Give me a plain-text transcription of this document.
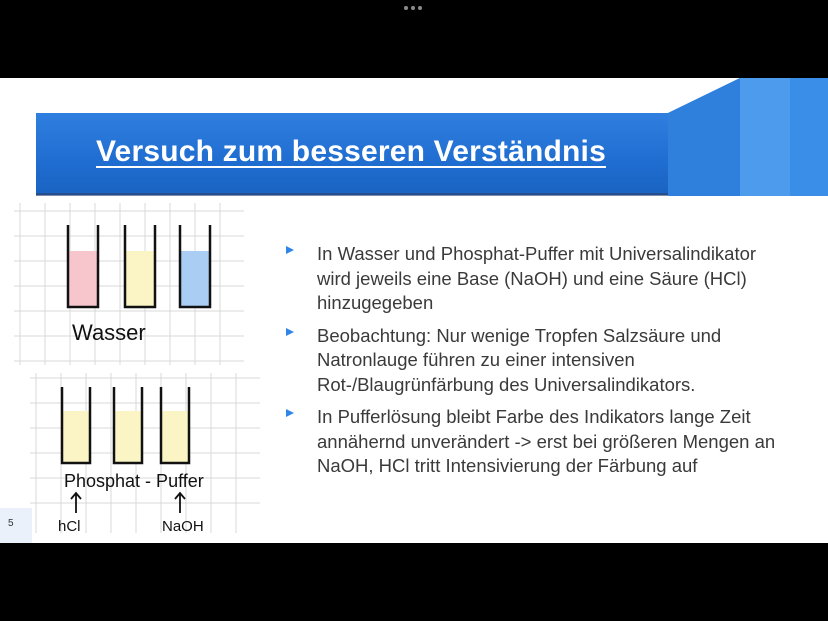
Versuch zum besseren Verständnis
Wasser
Phosphat - Puffer
hCl	NaOH
In Wasser und Phosphat-Puffer mit Universalindikator wird jeweils eine Base (NaOH) und eine Säure (HCl) hinzugegeben
Beobachtung: Nur wenige Tropfen Salzsäure und Natronlauge führen zu einer intensiven Rot-/Blaugrünfärbung des Universalindikators.
In Pufferlösung bleibt Farbe des Indikators lange Zeit annähernd unverändert -> erst bei größeren Mengen an NaOH, HCl tritt Intensivierung der Färbung auf
5
